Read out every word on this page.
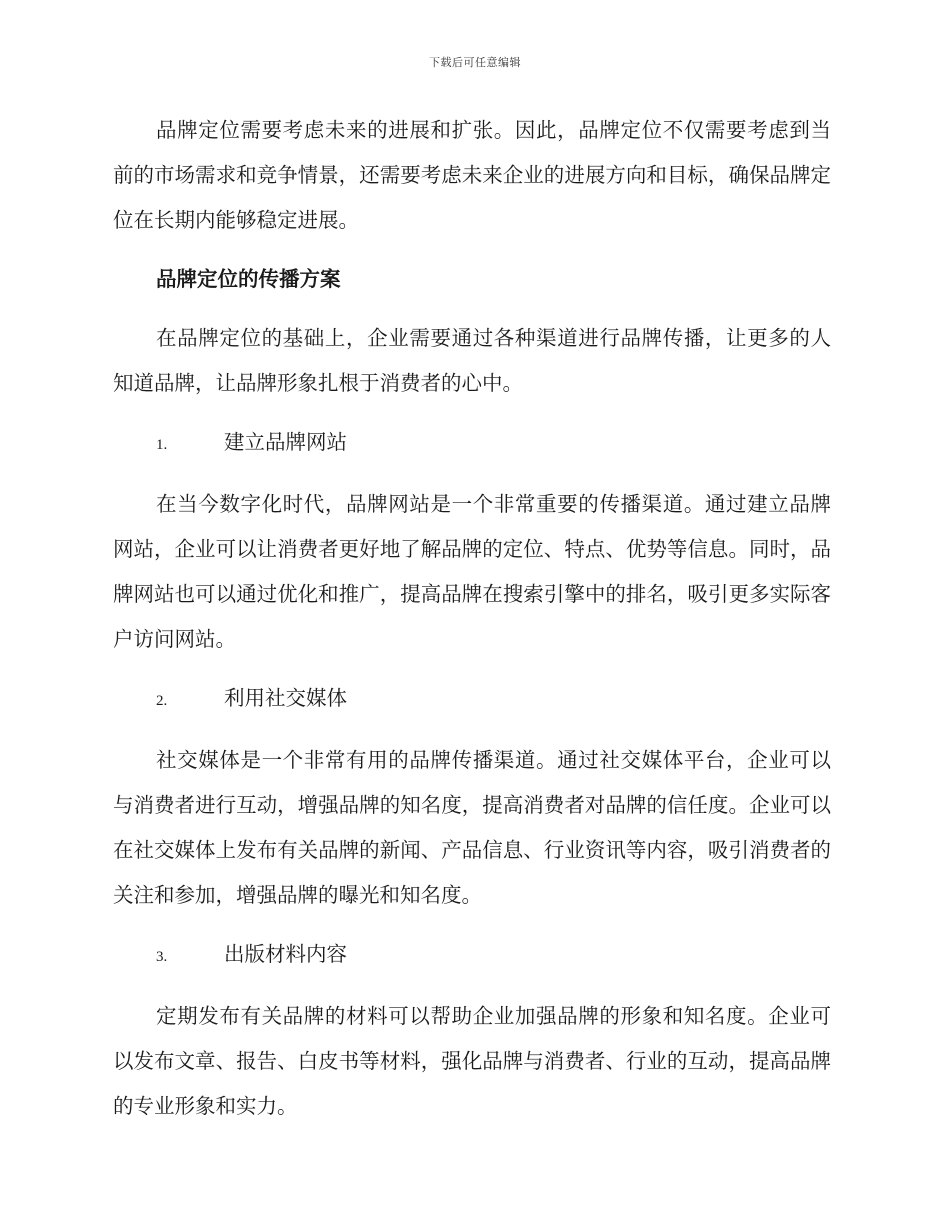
下载后可任意编辑

品牌定位需要考虑未来的进展和扩张。因此，品牌定位不仅需要考虑到当前的市场需求和竞争情景，还需要考虑未来企业的进展方向和目标，确保品牌定位在长期内能够稳定进展。

品牌定位的传播方案

在品牌定位的基础上，企业需要通过各种渠道进行品牌传播，让更多的人知道品牌，让品牌形象扎根于消费者的心中。

1.	建立品牌网站

在当今数字化时代，品牌网站是一个非常重要的传播渠道。通过建立品牌网站，企业可以让消费者更好地了解品牌的定位、特点、优势等信息。同时，品牌网站也可以通过优化和推广，提高品牌在搜索引擎中的排名，吸引更多实际客户访问网站。

2.	利用社交媒体

社交媒体是一个非常有用的品牌传播渠道。通过社交媒体平台，企业可以与消费者进行互动，增强品牌的知名度，提高消费者对品牌的信任度。企业可以在社交媒体上发布有关品牌的新闻、产品信息、行业资讯等内容，吸引消费者的关注和参加，增强品牌的曝光和知名度。

3.	出版材料内容

定期发布有关品牌的材料可以帮助企业加强品牌的形象和知名度。企业可以发布文章、报告、白皮书等材料，强化品牌与消费者、行业的互动，提高品牌的专业形象和实力。
